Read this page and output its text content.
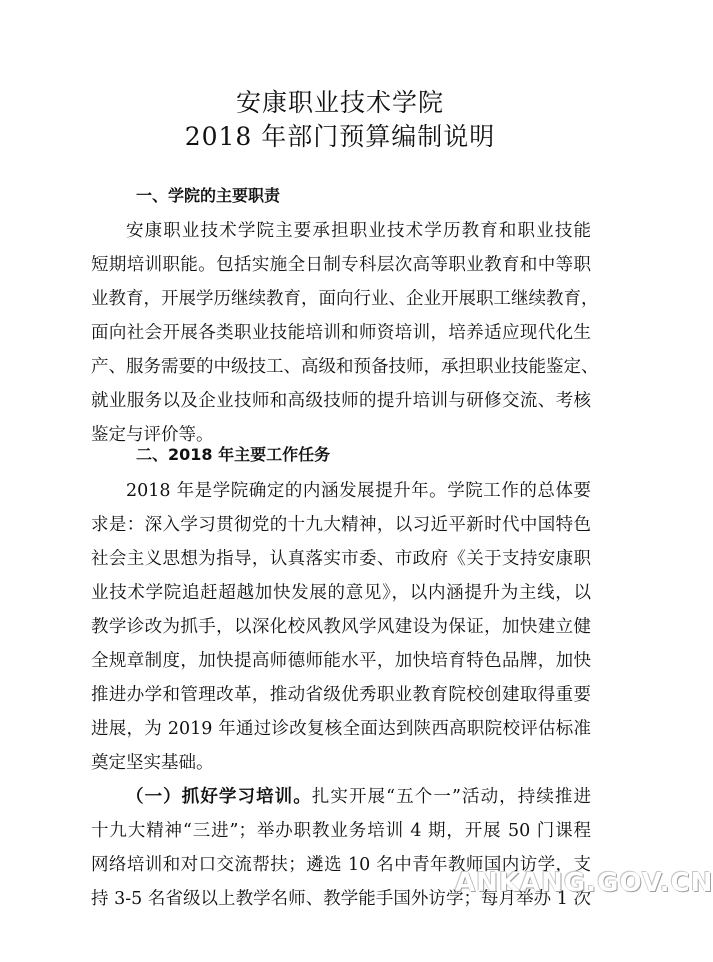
安康职业技术学院
2018 年部门预算编制说明
一、学院的主要职责
安康职业技术学院主要承担职业技术学历教育和职业技能
短期培训职能。包括实施全日制专科层次高等职业教育和中等职
业教育，开展学历继续教育，面向行业、企业开展职工继续教育，
面向社会开展各类职业技能培训和师资培训，培养适应现代化生
产、服务需要的中级技工、高级和预备技师，承担职业技能鉴定、
就业服务以及企业技师和高级技师的提升培训与研修交流、考核
鉴定与评价等。
二、2018 年主要工作任务
2018 年是学院确定的内涵发展提升年。学院工作的总体要
求是：深入学习贯彻党的十九大精神，以习近平新时代中国特色
社会主义思想为指导，认真落实市委、市政府《关于支持安康职
业技术学院追赶超越加快发展的意见》，以内涵提升为主线，以
教学诊改为抓手，以深化校风教风学风建设为保证，加快建立健
全规章制度，加快提高师德师能水平，加快培育特色品牌，加快
推进办学和管理改革，推动省级优秀职业教育院校创建取得重要
进展，为 2019 年通过诊改复核全面达到陕西高职院校评估标准
奠定坚实基础。
（一）抓好学习培训。扎实开展“五个一”活动，持续推进
十九大精神“三进”；举办职教业务培训 4 期，开展 50 门课程
网络培训和对口交流帮扶；遴选 10 名中青年教师国内访学，支
持 3-5 名省级以上教学名师、教学能手国外访学；每月举办 1 次
ANKANG.GOV.CN
